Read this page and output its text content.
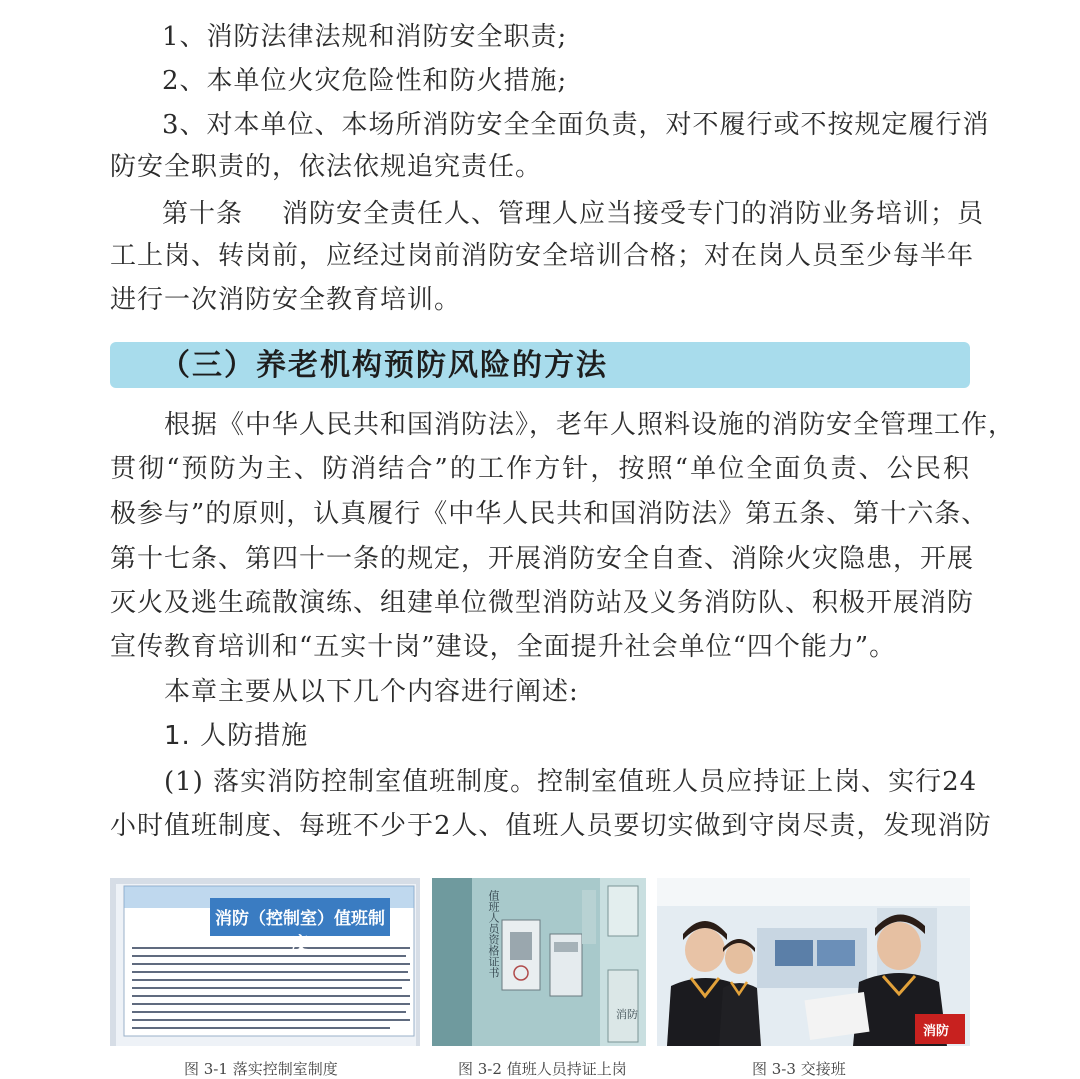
1、消防法律法规和消防安全职责;
2、本单位火灾危险性和防火措施;
3、对本单位、本场所消防安全全面负责，对不履行或不按规定履行消
防安全职责的，依法依规追究责任。
第十条	消防安全责任人、管理人应当接受专门的消防业务培训；员
工上岗、转岗前，应经过岗前消防安全培训合格；对在岗人员至少每半年
进行一次消防安全教育培训。
（三）养老机构预防风险的方法
根据《中华人民共和国消防法》，老年人照料设施的消防安全管理工作，
贯彻“预防为主、防消结合”的工作方针，按照“单位全面负责、公民积
极参与”的原则，认真履行《中华人民共和国消防法》第五条、第十六条、
第十七条、第四十一条的规定，开展消防安全自查、消除火灾隐患，开展
灭火及逃生疏散演练、组建单位微型消防站及义务消防队、积极开展消防
宣传教育培训和“五实十岗”建设，全面提升社会单位“四个能力”。
本章主要从以下几个内容进行阐述:
1. 人防措施
(1) 落实消防控制室值班制度。控制室值班人员应持证上岗、实行24
小时值班制度、每班不少于2人、值班人员要切实做到守岗尽责，发现消防
消防（控制室）值班制度	值班人员资格证书
消防
消防
图 3-1 落实控制室制度	图 3-2 值班人员持证上岗	图 3-3 交接班
